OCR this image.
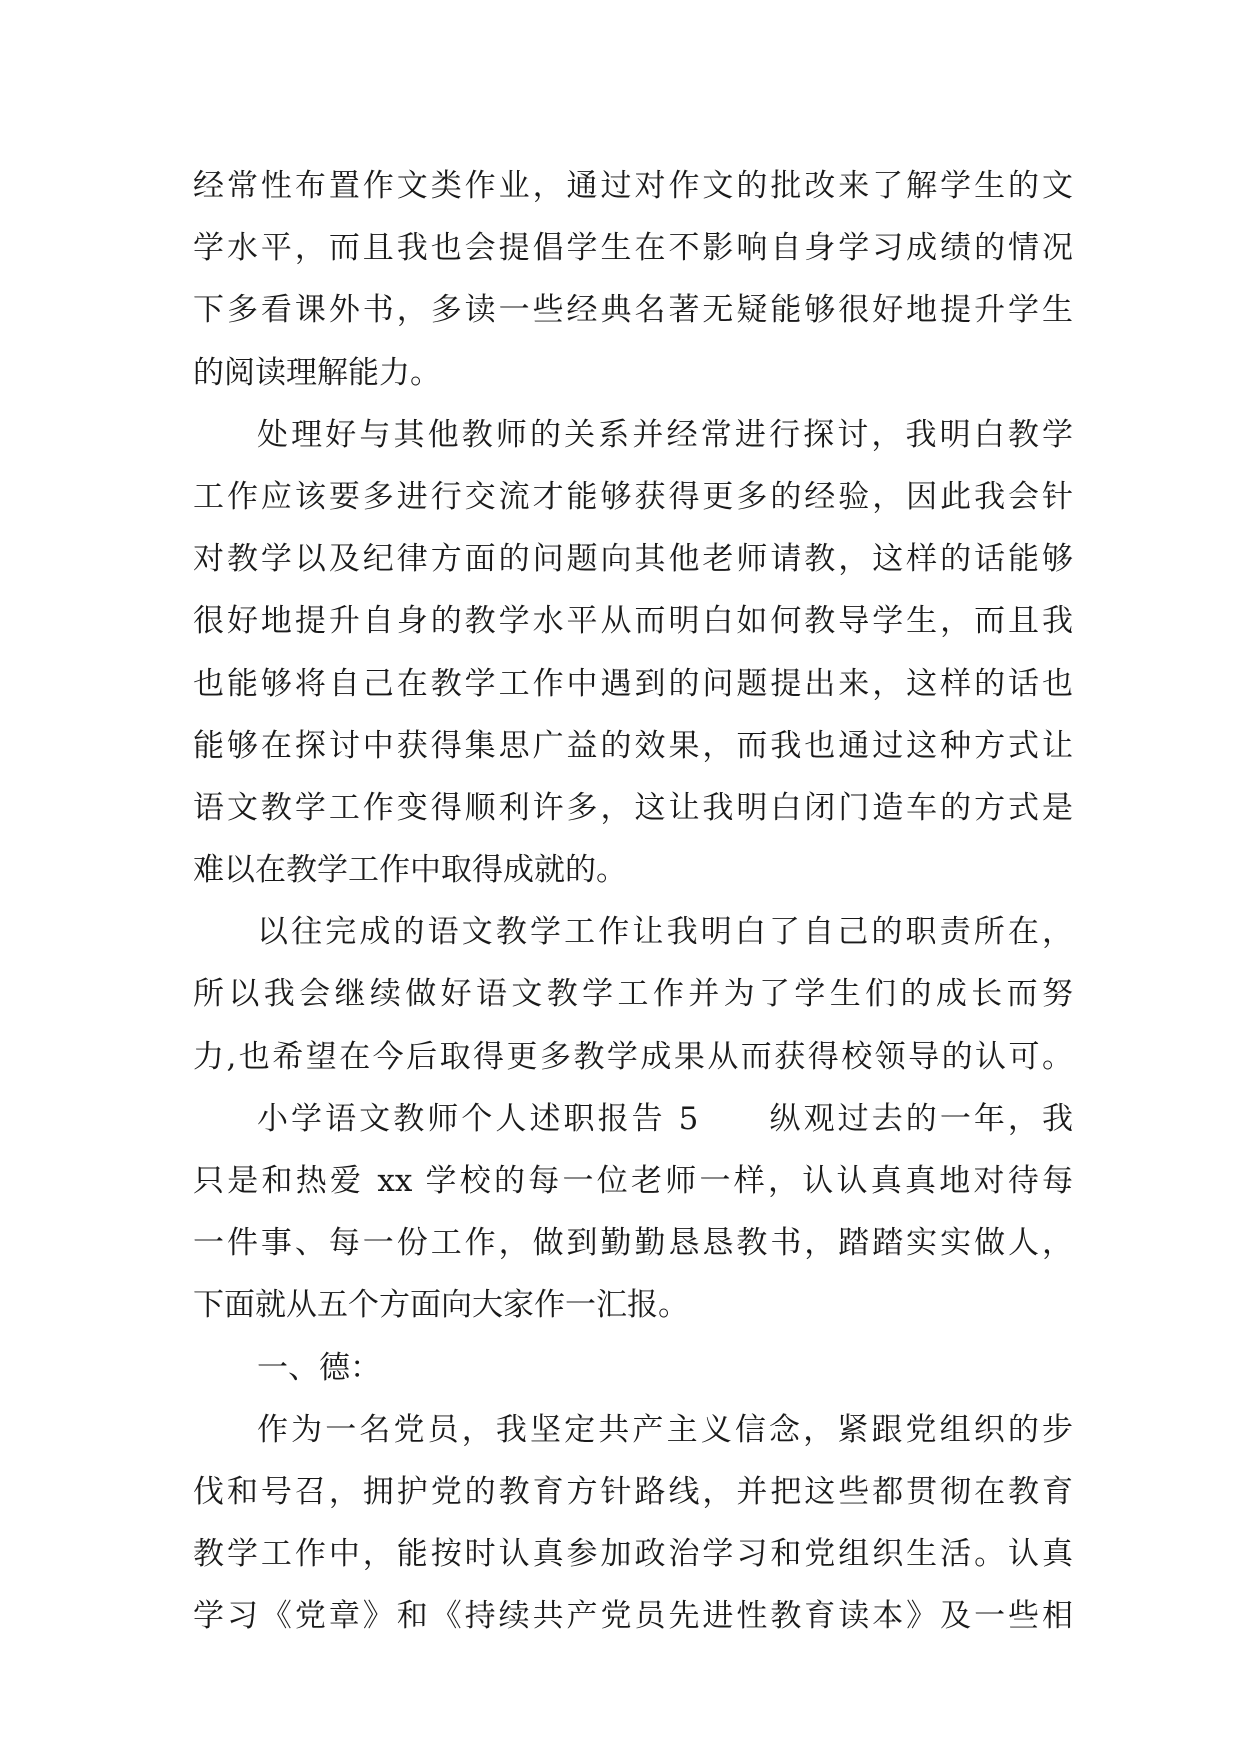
经常性布置作文类作业，通过对作文的批改来了解学生的文
学水平，而且我也会提倡学生在不影响自身学习成绩的情况
下多看课外书，多读一些经典名著无疑能够很好地提升学生
的阅读理解能力。
处理好与其他教师的关系并经常进行探讨，我明白教学
工作应该要多进行交流才能够获得更多的经验，因此我会针
对教学以及纪律方面的问题向其他老师请教，这样的话能够
很好地提升自身的教学水平从而明白如何教导学生，而且我
也能够将自己在教学工作中遇到的问题提出来，这样的话也
能够在探讨中获得集思广益的效果，而我也通过这种方式让
语文教学工作变得顺利许多，这让我明白闭门造车的方式是
难以在教学工作中取得成就的。
以往完成的语文教学工作让我明白了自己的职责所在，
所以我会继续做好语文教学工作并为了学生们的成长而努
力,也希望在今后取得更多教学成果从而获得校领导的认可。
小学语文教师个人述职报告 5　　纵观过去的一年，我
只是和热爱 xx 学校的每一位老师一样，认认真真地对待每
一件事、每一份工作，做到勤勤恳恳教书，踏踏实实做人，
下面就从五个方面向大家作一汇报。
一、德：
作为一名党员，我坚定共产主义信念，紧跟党组织的步
伐和号召，拥护党的教育方针路线，并把这些都贯彻在教育
教学工作中，能按时认真参加政治学习和党组织生活。认真
学习《党章》和《持续共产党员先进性教育读本》及一些相
